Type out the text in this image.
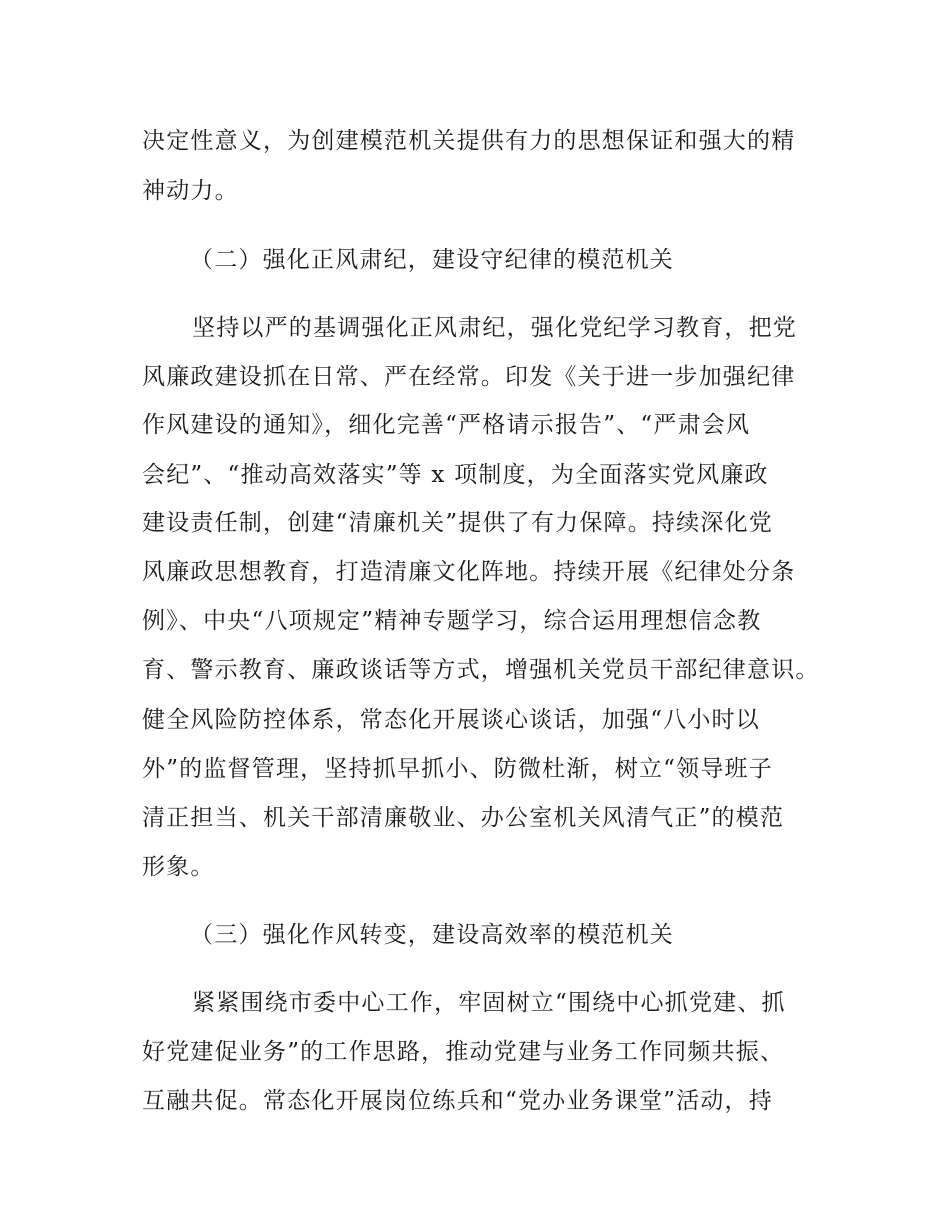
决定性意义，为创建模范机关提供有力的思想保证和强大的精
神动力。
（二）强化正风肃纪，建设守纪律的模范机关
坚持以严的基调强化正风肃纪，强化党纪学习教育，把党
风廉政建设抓在日常、严在经常。印发《关于进一步加强纪律
作风建设的通知》，细化完善“严格请示报告”、“严肃会风
会纪”、“推动高效落实”等 x 项制度，为全面落实党风廉政
建设责任制，创建“清廉机关”提供了有力保障。持续深化党
风廉政思想教育，打造清廉文化阵地。持续开展《纪律处分条
例》、中央“八项规定”精神专题学习，综合运用理想信念教
育、警示教育、廉政谈话等方式，增强机关党员干部纪律意识。
健全风险防控体系，常态化开展谈心谈话，加强“八小时以
外”的监督管理，坚持抓早抓小、防微杜渐，树立“领导班子
清正担当、机关干部清廉敬业、办公室机关风清气正”的模范
形象。
（三）强化作风转变，建设高效率的模范机关
紧紧围绕市委中心工作，牢固树立“围绕中心抓党建、抓
好党建促业务”的工作思路，推动党建与业务工作同频共振、
互融共促。常态化开展岗位练兵和“党办业务课堂”活动，持
